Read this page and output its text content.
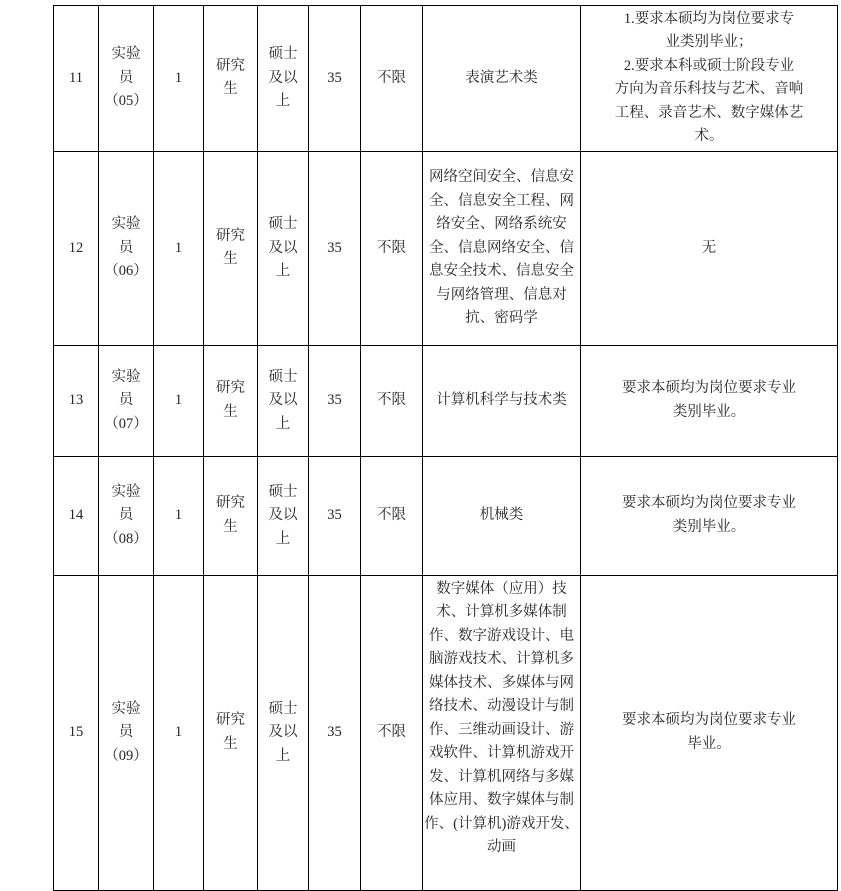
11	实验
员
（05）	1	研究
生	硕士
及以
上	35	不限	表演艺术类	
1.要求本硕均为岗位要求专
业类别毕业；
2.要求本科或硕士阶段专业
方向为音乐科技与艺术、音响
工程、录音艺术、数字媒体艺
术。

12	实验
员
（06）	1	研究
生	硕士
及以
上	35	不限	网络空间安全、信息安全、信息安全工程、网络安全、网络系统安全、信息网络安全、信息安全技术、信息安全与网络管理、信息对抗、密码学	无

13	实验
员
（07）	1	研究
生	硕士
及以
上	35	不限	计算机科学与技术类	要求本硕均为岗位要求专业
类别毕业。

14	实验
员
（08）	1	研究
生	硕士
及以
上	35	不限	机械类	要求本硕均为岗位要求专业
类别毕业。

15	实验
员
（09）	1	研究
生	硕士
及以
上	35	不限	数字媒体（应用）技术、计算机多媒体制作、数字游戏设计、电脑游戏技术、计算机多媒体技术、多媒体与网络技术、动漫设计与制作、三维动画设计、游戏软件、计算机游戏开发、计算机网络与多媒体应用、数字媒体与制作、(计算机)游戏开发、动画	要求本硕均为岗位要求专业
毕业。
